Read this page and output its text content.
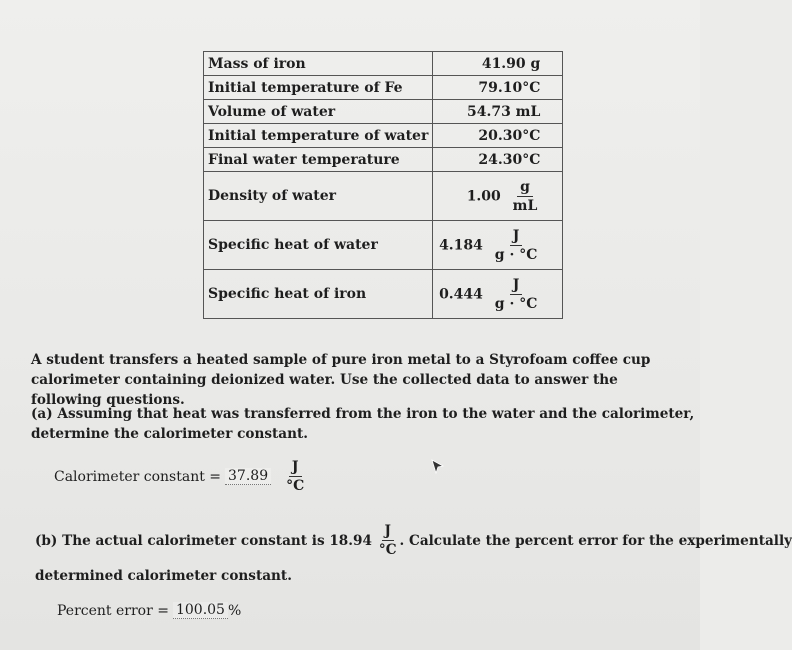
Mass of iron	41.90 g
Initial temperature of Fe	79.10°C
Volume of water	54.73 mL
Initial temperature of water	20.30°C
Final water temperature	24.30°C
Density of water	$1.00 \frac{g}{mL}$

Specific heat of water	$4.184 \frac{J}{g \cdot ^\circ C}$

Specific heat of iron	$0.444 \frac{J}{g \cdot ^\circ C}$
A student transfers a heated sample of pure iron metal to a Styrofoam coffee cup calorimeter containing deionized water. Use the collected data to answer the following questions.
(a) Assuming that heat was transferred from the iron to the water and the calorimeter, determine the calorimeter constant.
Calorimeter constant = $37.89 \frac{J}{^\circ C}$
(b) The actual calorimeter constant is $18.94 \frac{J}{^\circ C}$ . Calculate the percent error for the experimentally
determined calorimeter constant.
Percent error = 100.05 %
